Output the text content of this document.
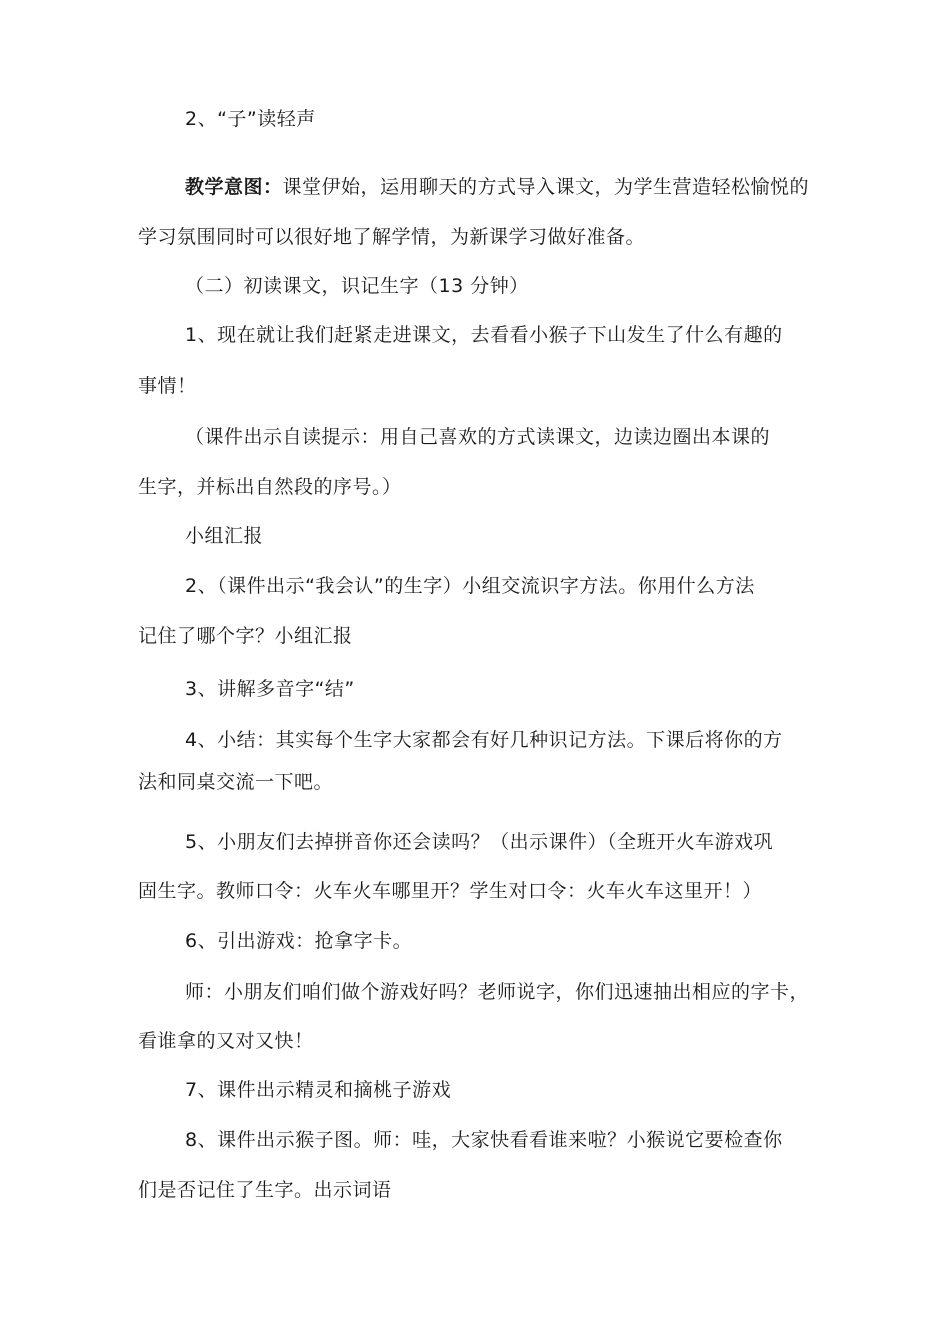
2、“子”读轻声
教学意图：课堂伊始，运用聊天的方式导入课文，为学生营造轻松愉悦的
学习氛围同时可以很好地了解学情，为新课学习做好准备。
（二）初读课文，识记生字（13 分钟）
1、现在就让我们赶紧走进课文，去看看小猴子下山发生了什么有趣的
事情！
（课件出示自读提示：用自己喜欢的方式读课文，边读边圈出本课的
生字，并标出自然段的序号。）
小组汇报
2、（课件出示“我会认”的生字）小组交流识字方法。你用什么方法
记住了哪个字？小组汇报
3、讲解多音字“结”
4、小结：其实每个生字大家都会有好几种识记方法。下课后将你的方
法和同桌交流一下吧。
5、小朋友们去掉拼音你还会读吗？（出示课件）（全班开火车游戏巩
固生字。教师口令：火车火车哪里开？学生对口令：火车火车这里开！）
6、引出游戏：抢拿字卡。
师：小朋友们咱们做个游戏好吗？老师说字，你们迅速抽出相应的字卡，
看谁拿的又对又快！
7、课件出示精灵和摘桃子游戏
8、课件出示猴子图。师：哇，大家快看看谁来啦？小猴说它要检查你
们是否记住了生字。出示词语
